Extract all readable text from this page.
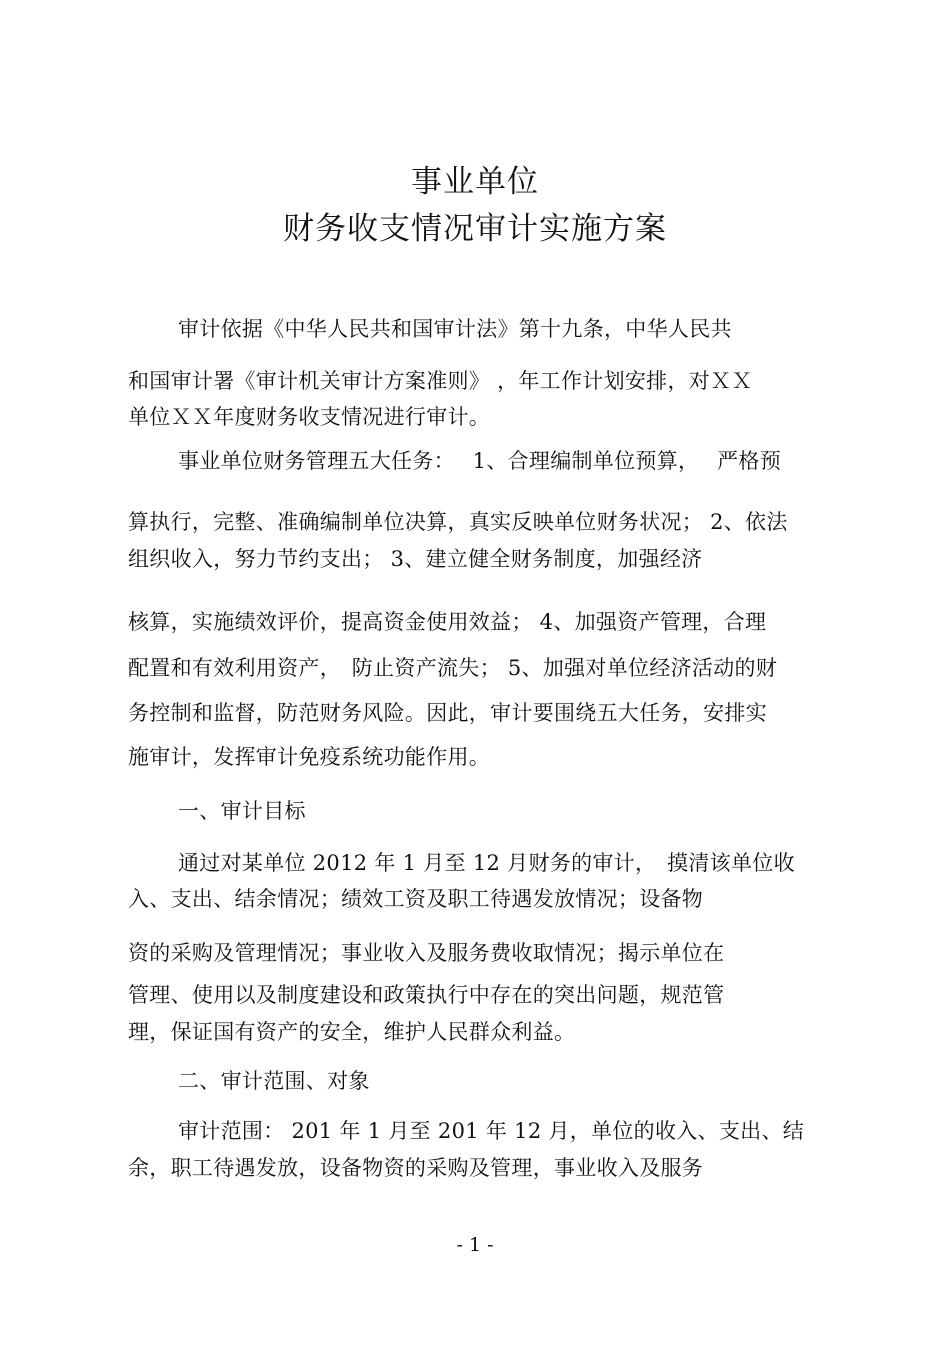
事业单位
财务收支情况审计实施方案
审计依据《中华人民共和国审计法》第十九条，中华人民共
和国审计署《审计机关审计方案准则》 ，年工作计划安排，对ＸＸ
单位ＸＸ年度财务收支情况进行审计。
事业单位财务管理五大任务：　 1、合理编制单位预算，　 严格预
算执行，完整、准确编制单位决算，真实反映单位财务状况； 2、依法
组织收入，努力节约支出； 3、建立健全财务制度，加强经济
核算，实施绩效评价，提高资金使用效益； 4、加强资产管理，合理
配置和有效利用资产，　防止资产流失； 5、加强对单位经济活动的财
务控制和监督，防范财务风险。因此，审计要围绕五大任务，安排实
施审计，发挥审计免疫系统功能作用。
一、审计目标
通过对某单位 2012 年 1 月至 12 月财务的审计，　摸清该单位收
入、支出、结余情况；绩效工资及职工待遇发放情况；设备物
资的采购及管理情况；事业收入及服务费收取情况；揭示单位在
管理、使用以及制度建设和政策执行中存在的突出问题，规范管
理，保证国有资产的安全，维护人民群众利益。
二、审计范围、对象
审计范围： 201 年 1 月至 201 年 12 月，单位的收入、支出、结
余，职工待遇发放，设备物资的采购及管理，事业收入及服务
- 1 -
